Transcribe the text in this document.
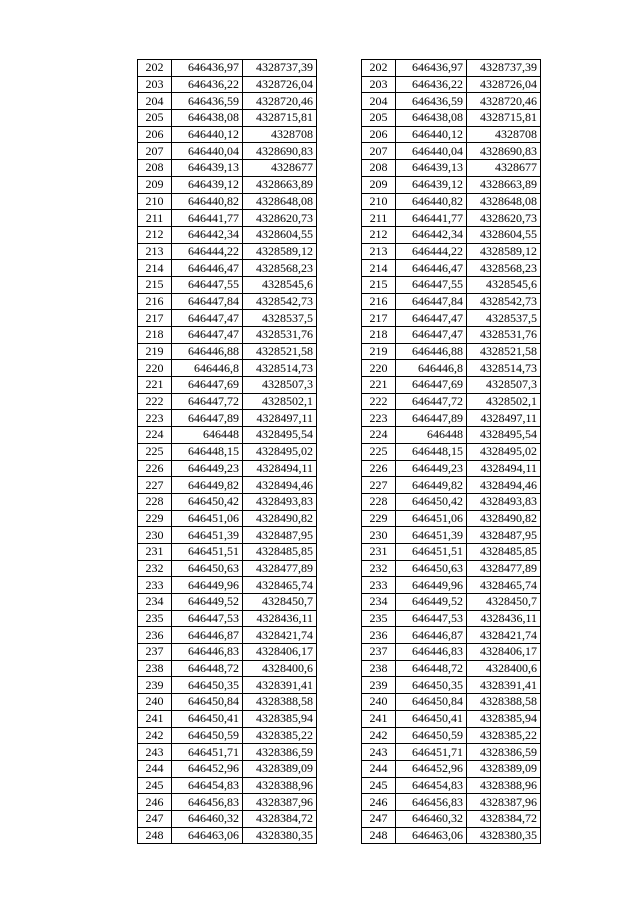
202	646436,97	4328737,39
203	646436,22	4328726,04
204	646436,59	4328720,46
205	646438,08	4328715,81
206	646440,12	4328708
207	646440,04	4328690,83
208	646439,13	4328677
209	646439,12	4328663,89
210	646440,82	4328648,08
211	646441,77	4328620,73
212	646442,34	4328604,55
213	646444,22	4328589,12
214	646446,47	4328568,23
215	646447,55	4328545,6
216	646447,84	4328542,73
217	646447,47	4328537,5
218	646447,47	4328531,76
219	646446,88	4328521,58
220	646446,8	4328514,73
221	646447,69	4328507,3
222	646447,72	4328502,1
223	646447,89	4328497,11
224	646448	4328495,54
225	646448,15	4328495,02
226	646449,23	4328494,11
227	646449,82	4328494,46
228	646450,42	4328493,83
229	646451,06	4328490,82
230	646451,39	4328487,95
231	646451,51	4328485,85
232	646450,63	4328477,89
233	646449,96	4328465,74
234	646449,52	4328450,7
235	646447,53	4328436,11
236	646446,87	4328421,74
237	646446,83	4328406,17
238	646448,72	4328400,6
239	646450,35	4328391,41
240	646450,84	4328388,58
241	646450,41	4328385,94
242	646450,59	4328385,22
243	646451,71	4328386,59
244	646452,96	4328389,09
245	646454,83	4328388,96
246	646456,83	4328387,96
247	646460,32	4328384,72
248	646463,06	4328380,35
202	646436,97	4328737,39
203	646436,22	4328726,04
204	646436,59	4328720,46
205	646438,08	4328715,81
206	646440,12	4328708
207	646440,04	4328690,83
208	646439,13	4328677
209	646439,12	4328663,89
210	646440,82	4328648,08
211	646441,77	4328620,73
212	646442,34	4328604,55
213	646444,22	4328589,12
214	646446,47	4328568,23
215	646447,55	4328545,6
216	646447,84	4328542,73
217	646447,47	4328537,5
218	646447,47	4328531,76
219	646446,88	4328521,58
220	646446,8	4328514,73
221	646447,69	4328507,3
222	646447,72	4328502,1
223	646447,89	4328497,11
224	646448	4328495,54
225	646448,15	4328495,02
226	646449,23	4328494,11
227	646449,82	4328494,46
228	646450,42	4328493,83
229	646451,06	4328490,82
230	646451,39	4328487,95
231	646451,51	4328485,85
232	646450,63	4328477,89
233	646449,96	4328465,74
234	646449,52	4328450,7
235	646447,53	4328436,11
236	646446,87	4328421,74
237	646446,83	4328406,17
238	646448,72	4328400,6
239	646450,35	4328391,41
240	646450,84	4328388,58
241	646450,41	4328385,94
242	646450,59	4328385,22
243	646451,71	4328386,59
244	646452,96	4328389,09
245	646454,83	4328388,96
246	646456,83	4328387,96
247	646460,32	4328384,72
248	646463,06	4328380,35
